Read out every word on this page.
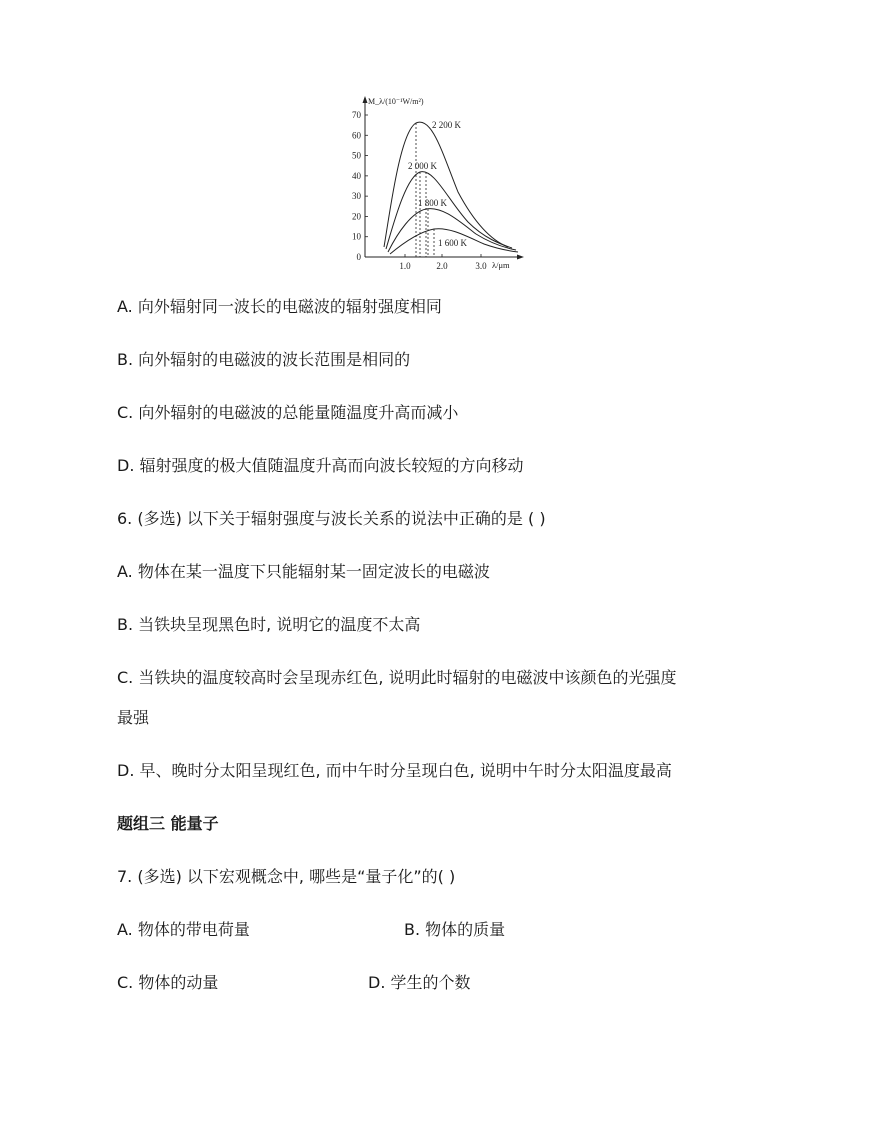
M_λ/(10⁻¹W/m²)
λ/μm
70
60
50
40
30
20
10
0
1.0	2.0	3.0
2 200 K
2 000 K
1 800 K
1 600 K
A. 向外辐射同一波长的电磁波的辐射强度相同
B. 向外辐射的电磁波的波长范围是相同的
C. 向外辐射的电磁波的总能量随温度升高而减小
D. 辐射强度的极大值随温度升高而向波长较短的方向移动
6. (多选) 以下关于辐射强度与波长关系的说法中正确的是 ( )
A. 物体在某一温度下只能辐射某一固定波长的电磁波
B. 当铁块呈现黑色时, 说明它的温度不太高
C. 当铁块的温度较高时会呈现赤红色, 说明此时辐射的电磁波中该颜色的光强度
最强
D. 早、晚时分太阳呈现红色, 而中午时分呈现白色, 说明中午时分太阳温度最高
题组三 能量子
7. (多选) 以下宏观概念中, 哪些是“量子化”的( )
A. 物体的带电荷量	B. 物体的质量
C. 物体的动量	D. 学生的个数
